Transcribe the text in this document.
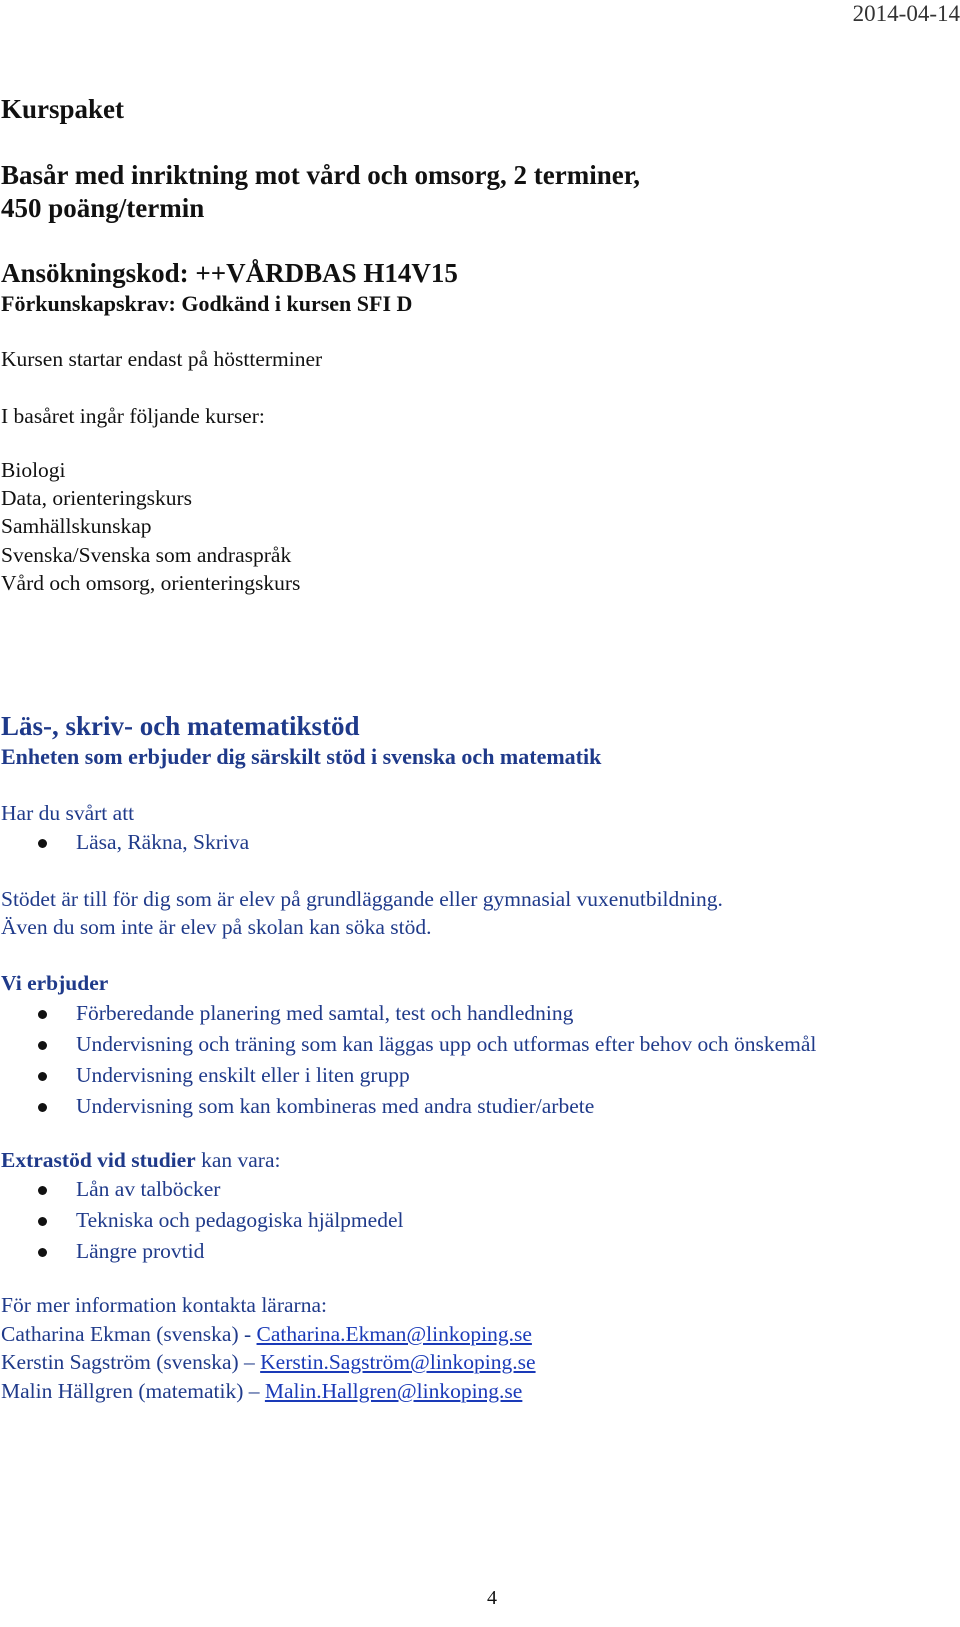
2014-04-14
Kurspaket
Basår med inriktning mot vård och omsorg, 2 terminer,
450 poäng/termin
Ansökningskod: ++VÅRDBAS H14V15
Förkunskapskrav: Godkänd i kursen SFI D
Kursen startar endast på höstterminer
I basåret ingår följande kurser:
Biologi
Data, orienteringskurs
Samhällskunskap
Svenska/Svenska som andraspråk
Vård och omsorg, orienteringskurs
Läs-, skriv- och matematikstöd
Enheten som erbjuder dig särskilt stöd i svenska och matematik
Har du svårt att
Läsa, Räkna, Skriva
Stödet är till för dig som är elev på grundläggande eller gymnasial vuxenutbildning.
Även du som inte är elev på skolan kan söka stöd.
Vi erbjuder
Förberedande planering med samtal, test och handledning
Undervisning och träning som kan läggas upp och utformas efter behov och önskemål
Undervisning enskilt eller i liten grupp
Undervisning som kan kombineras med andra studier/arbete
Extrastöd vid studier kan vara:
Lån av talböcker
Tekniska och pedagogiska hjälpmedel
Längre provtid
För mer information kontakta lärarna:
Catharina Ekman (svenska) - Catharina.Ekman@linkoping.se
Kerstin Sagström (svenska) – Kerstin.Sagström@linkoping.se
Malin Hällgren (matematik) – Malin.Hallgren@linkoping.se
4
